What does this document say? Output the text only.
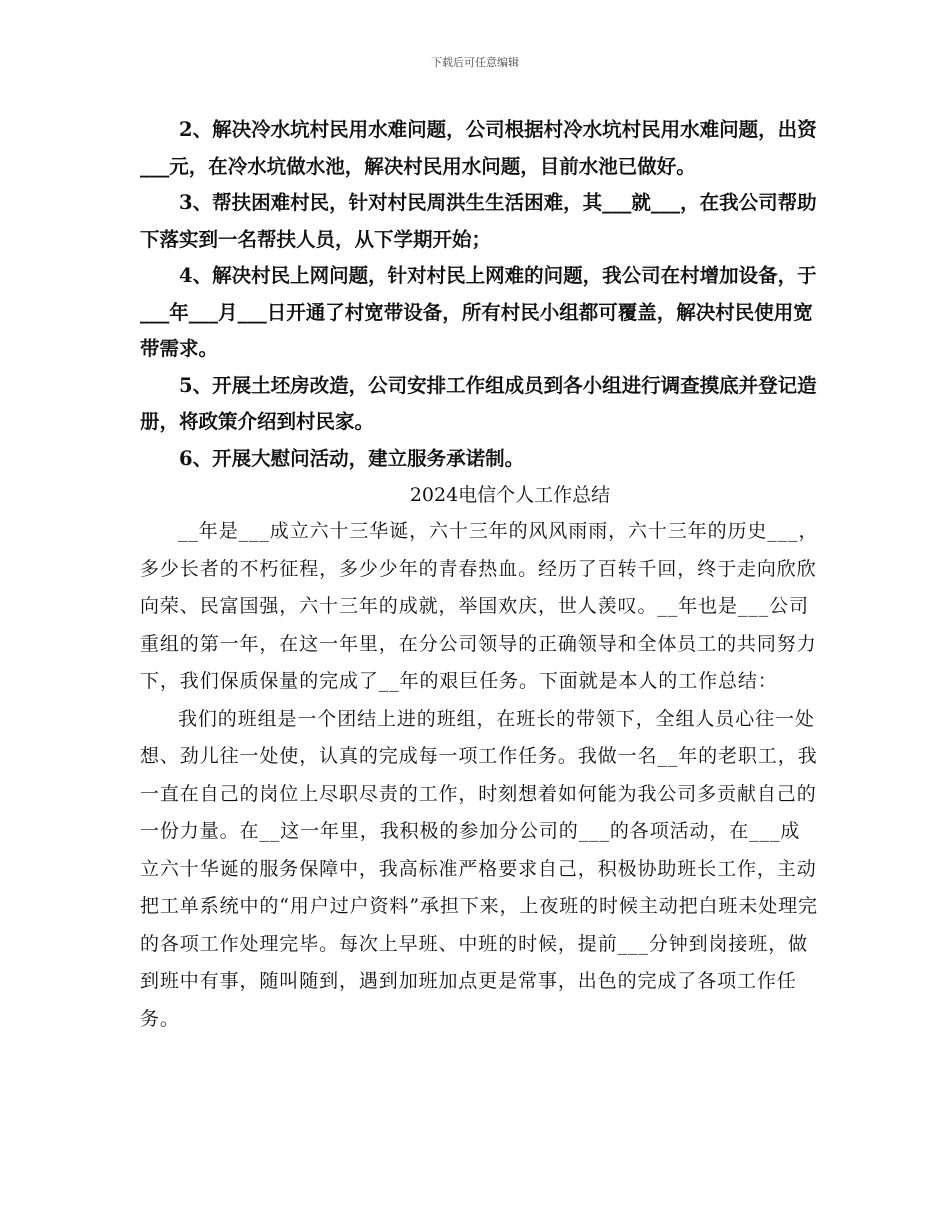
下载后可任意编辑

2、解决冷水坑村民用水难问题，公司根据村冷水坑村民用水难问题，出资___元，在冷水坑做水池，解决村民用水问题，目前水池已做好。

3、帮扶困难村民，针对村民周洪生生活困难，其___就___，在我公司帮助下落实到一名帮扶人员，从下学期开始；

4、解决村民上网问题，针对村民上网难的问题，我公司在村增加设备，于___年___月___日开通了村宽带设备，所有村民小组都可覆盖，解决村民使用宽带需求。

5、开展土坯房改造，公司安排工作组成员到各小组进行调查摸底并登记造册，将政策介绍到村民家。

6、开展大慰问活动，建立服务承诺制。

2024电信个人工作总结

__年是___成立六十三华诞，六十三年的风风雨雨，六十三年的历史___，多少长者的不朽征程，多少少年的青春热血。经历了百转千回，终于走向欣欣向荣、民富国强，六十三年的成就，举国欢庆，世人羡叹。__年也是___公司重组的第一年，在这一年里，在分公司领导的正确领导和全体员工的共同努力下，我们保质保量的完成了__年的艰巨任务。下面就是本人的工作总结：

我们的班组是一个团结上进的班组，在班长的带领下，全组人员心往一处想、劲儿往一处使，认真的完成每一项工作任务。我做一名__年的老职工，我一直在自己的岗位上尽职尽责的工作，时刻想着如何能为我公司多贡献自己的一份力量。在__这一年里，我积极的参加分公司的___的各项活动，在___成立六十华诞的服务保障中，我高标准严格要求自己，积极协助班长工作，主动把工单系统中的“用户过户资料”承担下来，上夜班的时候主动把白班未处理完的各项工作处理完毕。每次上早班、中班的时候，提前___分钟到岗接班，做到班中有事，随叫随到，遇到加班加点更是常事，出色的完成了各项工作任务。
